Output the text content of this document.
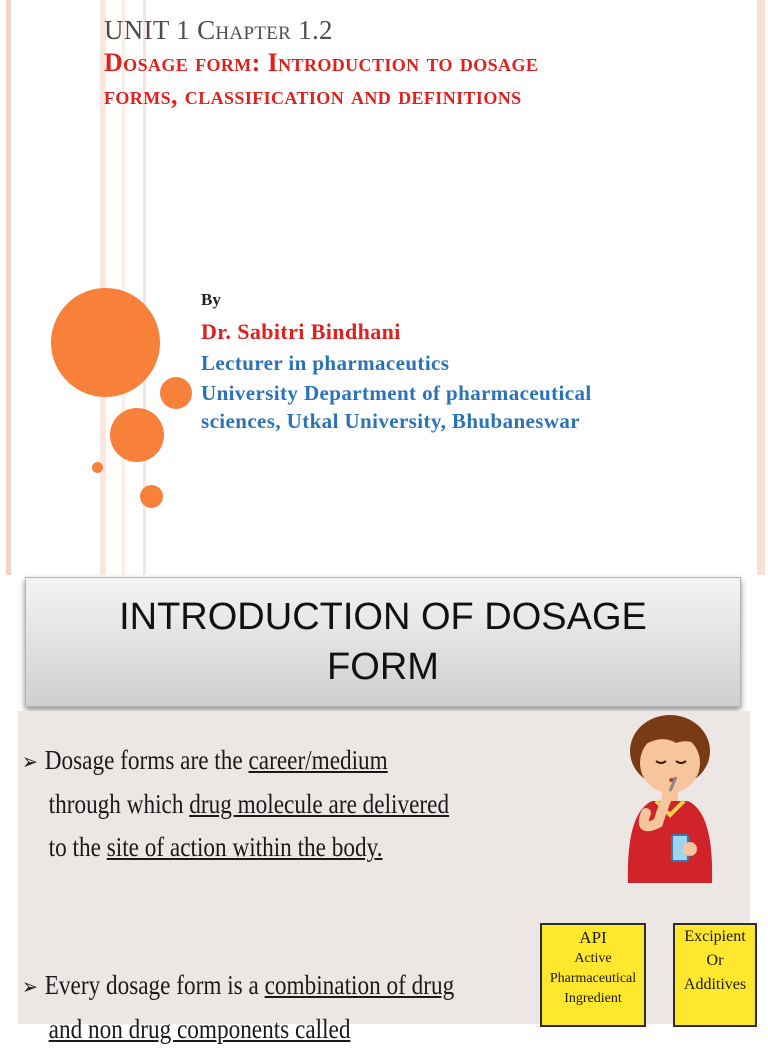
UNIT 1 Chapter 1.2
Dosage form: Introduction to dosage
forms, classification and definitions
By
Dr. Sabitri Bindhani
Lecturer in pharmaceutics
University Department of pharmaceutical
sciences, Utkal University, Bhubaneswar
INTRODUCTION OF DOSAGE
FORM
➢ Dosage forms are the career/medium
through which drug molecule are delivered
to the site of action within the body.
➢ Every dosage form is a combination of drug
and non drug components called
API
Active
Pharmaceutical
Ingredient
Excipient
Or
Additives
